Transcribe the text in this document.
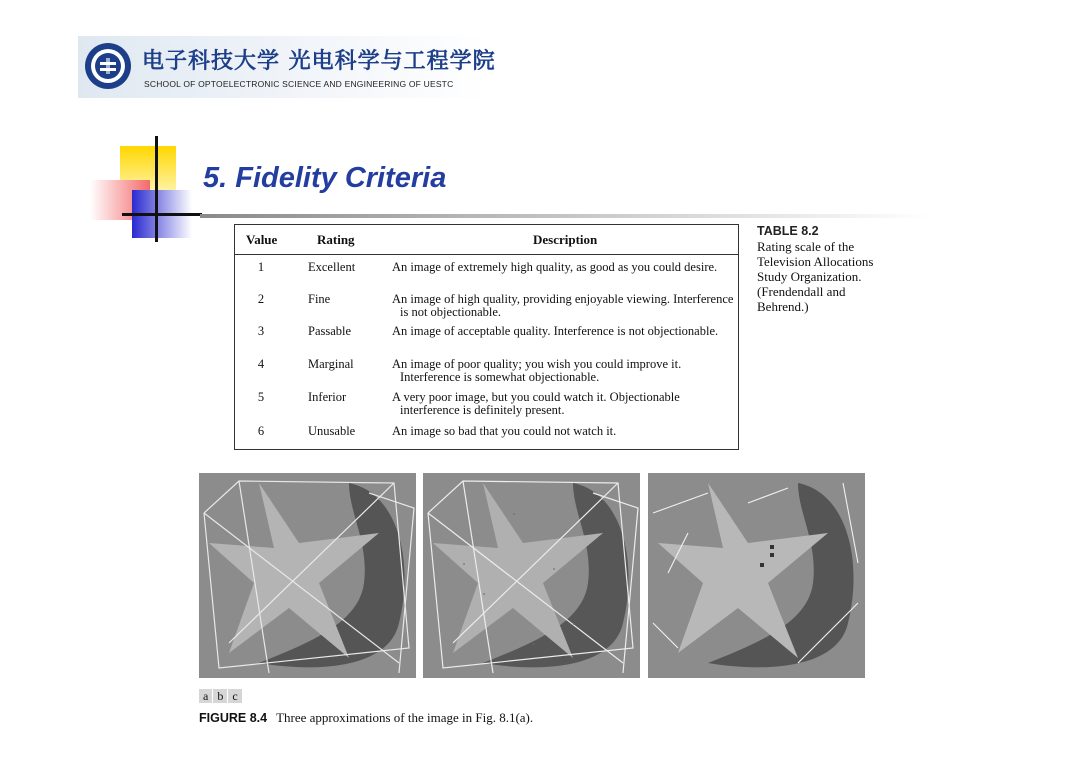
电子科技大学 光电科学与工程学院
SCHOOL OF OPTOELECTRONIC SCIENCE AND ENGINEERING OF UESTC
5. Fidelity Criteria
Value	Rating	Description
1	Excellent	An image of extremely high quality, as good as you could desire.
2	Fine	An image of high quality, providing enjoyable viewing. Interference is not objectionable.
3	Passable	An image of acceptable quality. Interference is not objectionable.
4	Marginal	An image of poor quality; you wish you could improve it. Interference is somewhat objectionable.
5	Inferior	A very poor image, but you could watch it. Objectionable interference is definitely present.
6	Unusable	An image so bad that you could not watch it.
TABLE 8.2
Rating scale of the Television Allocations Study Organization. (Frendendall and Behrend.)
a b c
FIGURE 8.4 Three approximations of the image in Fig. 8.1(a).
